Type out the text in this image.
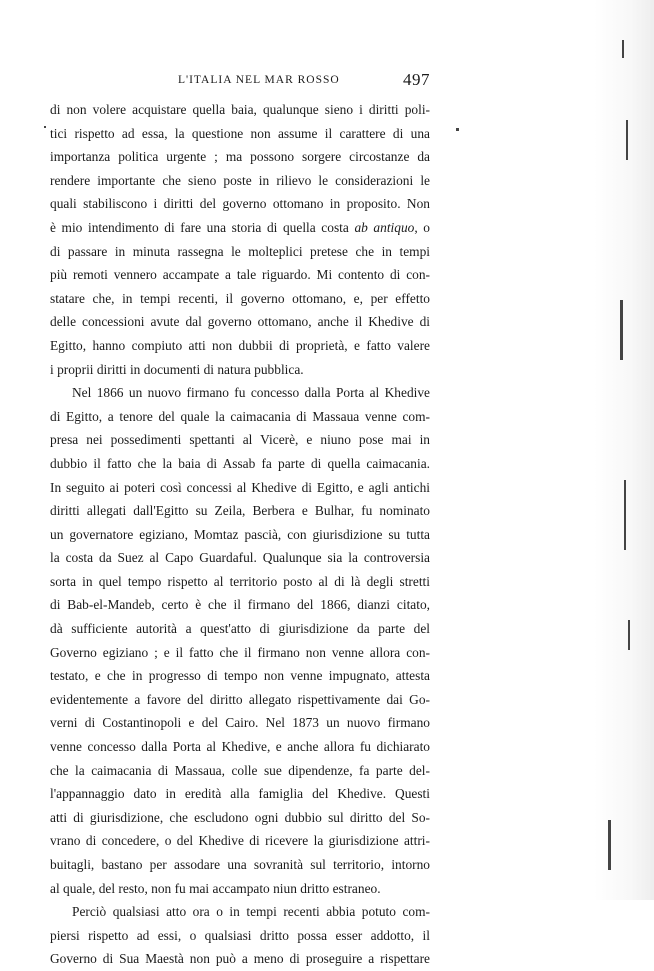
L'ITALIA NEL MAR ROSSO	497
di non volere acquistare quella baia, qualunque sieno i diritti poli-
tici rispetto ad essa, la questione non assume il carattere di una
importanza politica urgente ; ma possono sorgere circostanze da
rendere importante che sieno poste in rilievo le considerazioni le
quali stabiliscono i diritti del governo ottomano in proposito. Non
è mio intendimento di fare una storia di quella costa ab antiquo, o
di passare in minuta rassegna le molteplici pretese che in tempi
più remoti vennero accampate a tale riguardo. Mi contento di con-
statare che, in tempi recenti, il governo ottomano, e, per effetto
delle concessioni avute dal governo ottomano, anche il Khedive di
Egitto, hanno compiuto atti non dubbii di proprietà, e fatto valere
i proprii diritti in documenti di natura pubblica.
Nel 1866 un nuovo firmano fu concesso dalla Porta al Khedive
di Egitto, a tenore del quale la caimacania di Massaua venne com-
presa nei possedimenti spettanti al Vicerè, e niuno pose mai in
dubbio il fatto che la baia di Assab fa parte di quella caimacania.
In seguito ai poteri così concessi al Khedive di Egitto, e agli antichi
diritti allegati dall'Egitto su Zeila, Berbera e Bulhar, fu nominato
un governatore egiziano, Momtaz pascià, con giurisdizione su tutta
la costa da Suez al Capo Guardaful. Qualunque sia la controversia
sorta in quel tempo rispetto al territorio posto al di là degli stretti
di Bab-el-Mandeb, certo è che il firmano del 1866, dianzi citato,
dà sufficiente autorità a quest'atto di giurisdizione da parte del
Governo egiziano ; e il fatto che il firmano non venne allora con-
testato, e che in progresso di tempo non venne impugnato, attesta
evidentemente a favore del diritto allegato rispettivamente dai Go-
verni di Costantinopoli e del Cairo. Nel 1873 un nuovo firmano
venne concesso dalla Porta al Khedive, e anche allora fu dichiarato
che la caimacania di Massaua, colle sue dipendenze, fa parte del-
l'appannaggio dato in eredità alla famiglia del Khedive. Questi
atti di giurisdizione, che escludono ogni dubbio sul diritto del So-
vrano di concedere, o del Khedive di ricevere la giurisdizione attri-
buitagli, bastano per assodare una sovranità sul territorio, intorno
al quale, del resto, non fu mai accampato niun dritto estraneo.
Perciò qualsiasi atto ora o in tempi recenti abbia potuto com-
piersi rispetto ad essi, o qualsiasi dritto possa esser addotto, il
Governo di Sua Maestà non può a meno di proseguire a rispettare
